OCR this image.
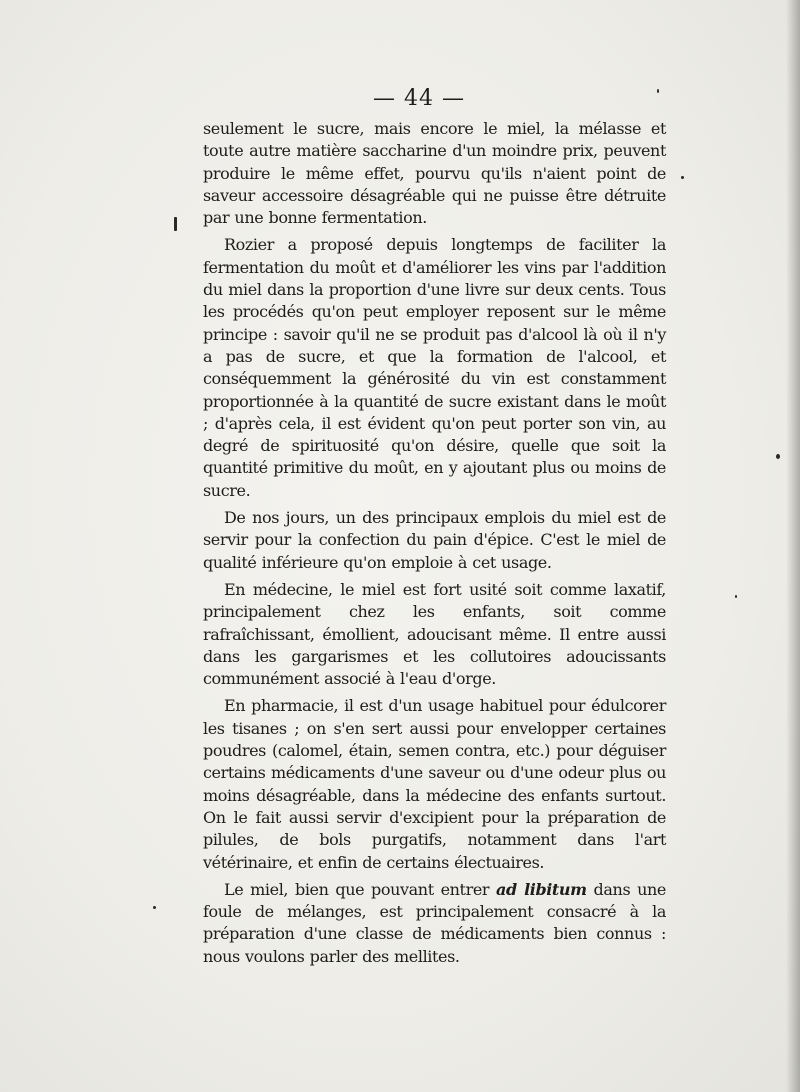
— 44 —

seulement le sucre, mais encore le miel, la mélasse et toute autre matière saccharine d'un moindre prix, peuvent produire le même effet, pourvu qu'ils n'aient point de saveur accessoire désagréable qui ne puisse être détruite par une bonne fermentation.

Rozier a proposé depuis longtemps de faciliter la fermentation du moût et d'améliorer les vins par l'addition du miel dans la proportion d'une livre sur deux cents. Tous les procédés qu'on peut employer reposent sur le même principe : savoir qu'il ne se produit pas d'alcool là où il n'y a pas de sucre, et que la formation de l'alcool, et conséquemment la générosité du vin est constamment proportionnée à la quantité de sucre existant dans le moût ; d'après cela, il est évident qu'on peut porter son vin, au degré de spirituosité qu'on désire, quelle que soit la quantité primitive du moût, en y ajoutant plus ou moins de sucre.

De nos jours, un des principaux emplois du miel est de servir pour la confection du pain d'épice. C'est le miel de qualité inférieure qu'on emploie à cet usage.

En médecine, le miel est fort usité soit comme laxatif, principalement chez les enfants, soit comme rafraîchissant, émollient, adoucisant même. Il entre aussi dans les gargarismes et les collutoires adoucissants communément associé à l'eau d'orge.

En pharmacie, il est d'un usage habituel pour édulcorer les tisanes ; on s'en sert aussi pour envelopper certaines poudres (calomel, étain, semen contra, etc.) pour déguiser certains médicaments d'une saveur ou d'une odeur plus ou moins désagréable, dans la médecine des enfants surtout. On le fait aussi servir d'excipient pour la préparation de pilules, de bols purgatifs, notamment dans l'art vétérinaire, et enfin de certains électuaires.

Le miel, bien que pouvant entrer ad libitum dans une foule de mélanges, est principalement consacré à la préparation d'une classe de médicaments bien connus : nous voulons parler des mellites.
